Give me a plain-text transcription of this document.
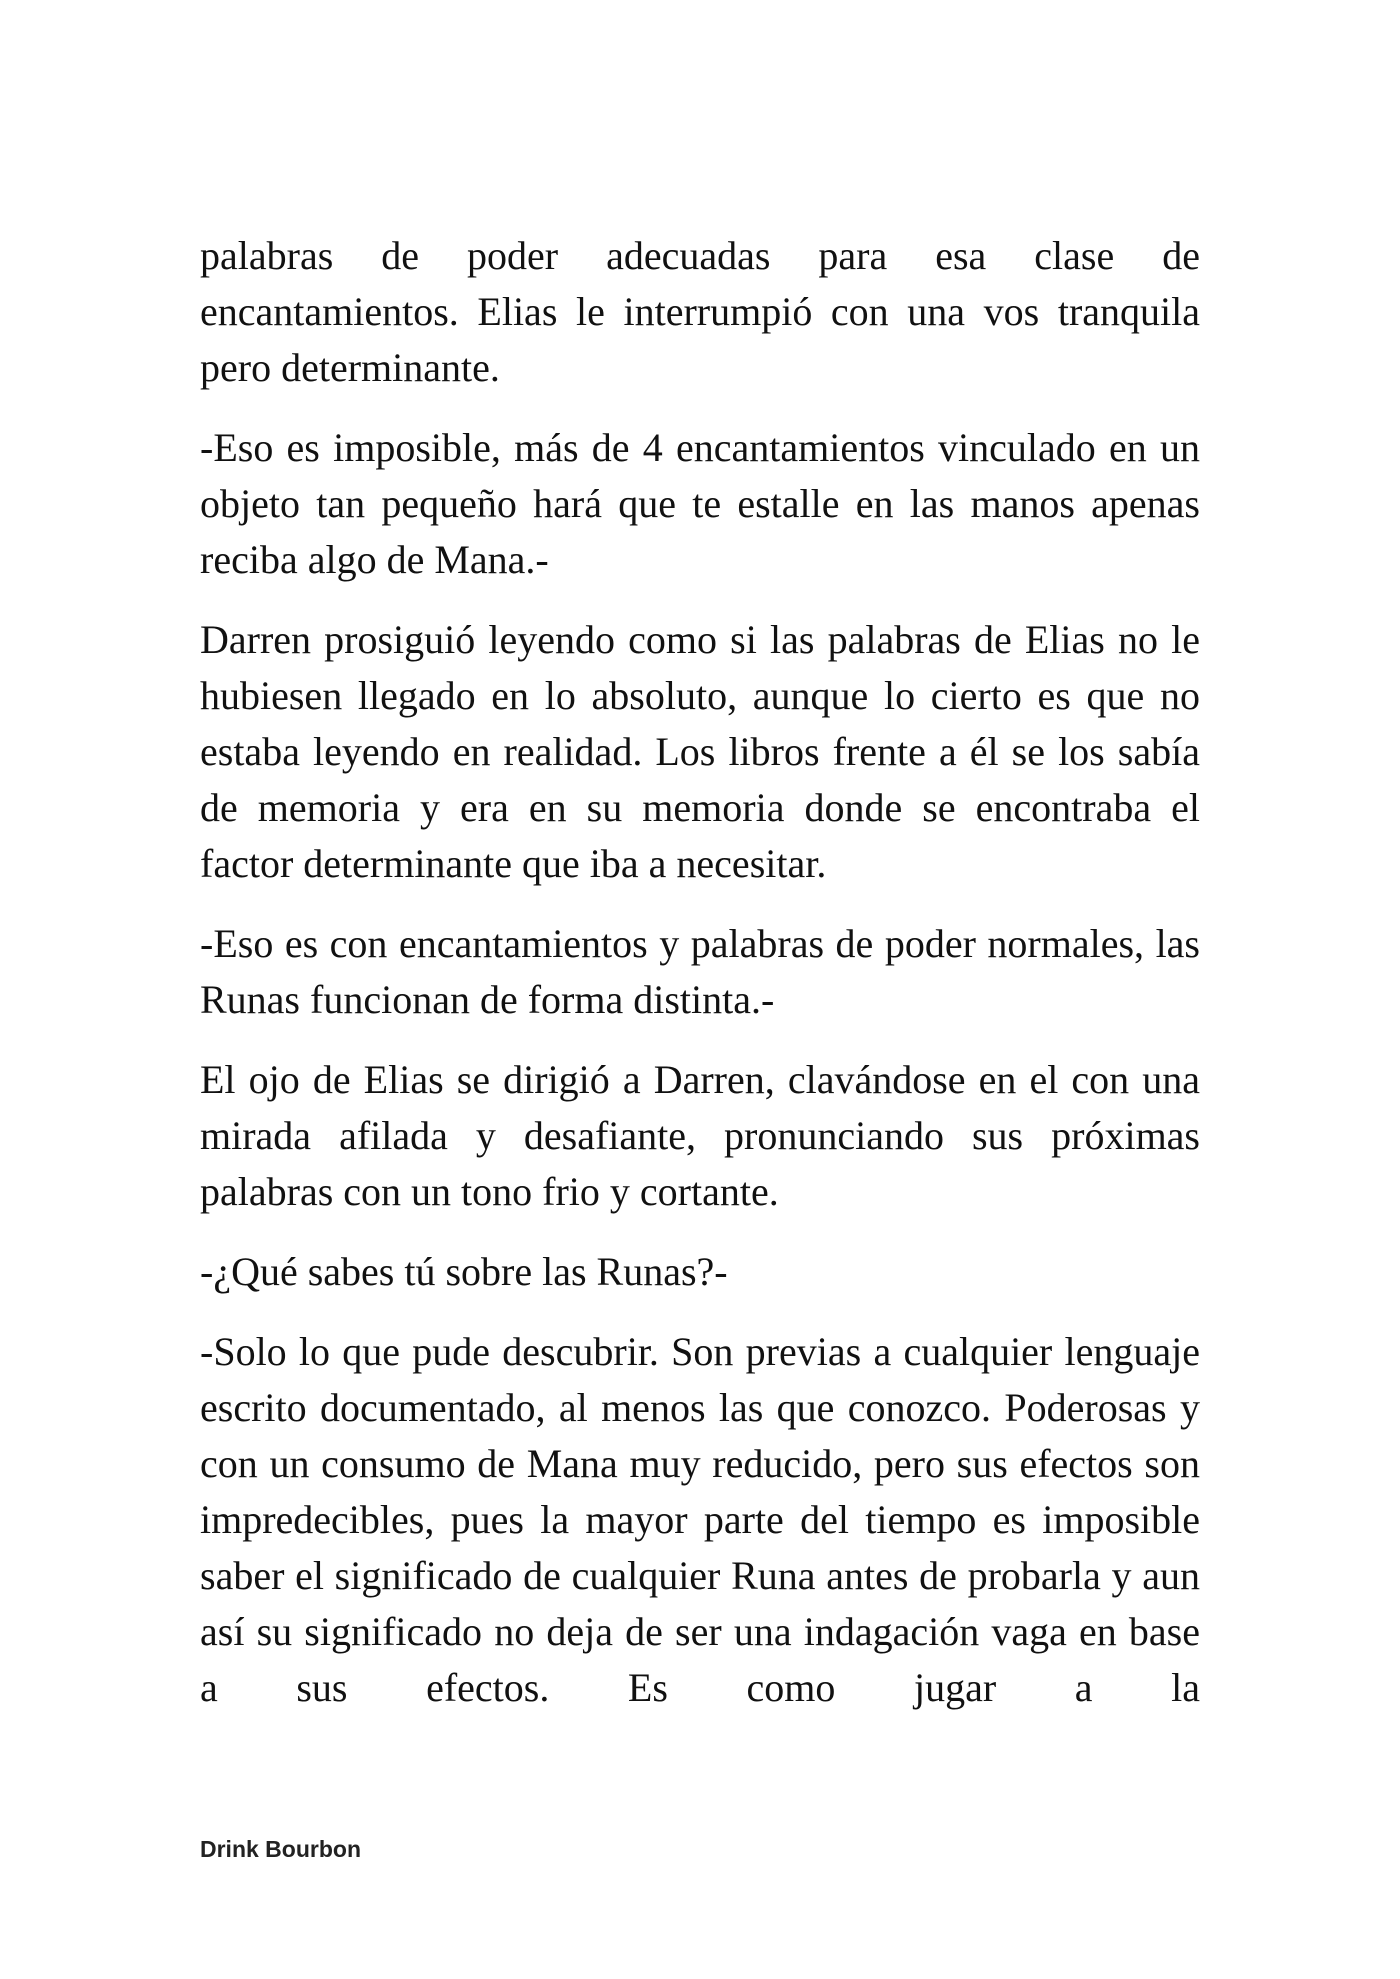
palabras de poder adecuadas para esa clase de encantamientos. Elias le interrumpió con una vos tranquila pero determinante.

-Eso es imposible, más de 4 encantamientos vinculado en un objeto tan pequeño hará que te estalle en las manos apenas reciba algo de Mana.-

Darren prosiguió leyendo como si las palabras de Elias no le hubiesen llegado en lo absoluto, aunque lo cierto es que no estaba leyendo en realidad. Los libros frente a él se los sabía de memoria y era en su memoria donde se encontraba el factor determinante que iba a necesitar.

-Eso es con encantamientos y palabras de poder normales, las Runas funcionan de forma distinta.-

El ojo de Elias se dirigió a Darren, clavándose en el con una mirada afilada y desafiante, pronunciando sus próximas palabras con un tono frio y cortante.

-¿Qué sabes tú sobre las Runas?-

-Solo lo que pude descubrir. Son previas a cualquier lenguaje escrito documentado, al menos las que conozco. Poderosas y con un consumo de Mana muy reducido, pero sus efectos son impredecibles, pues la mayor parte del tiempo es imposible saber el significado de cualquier Runa antes de probarla y aun así su significado no deja de ser una indagación vaga en base a sus efectos. Es como jugar a la

Drink Bourbon
